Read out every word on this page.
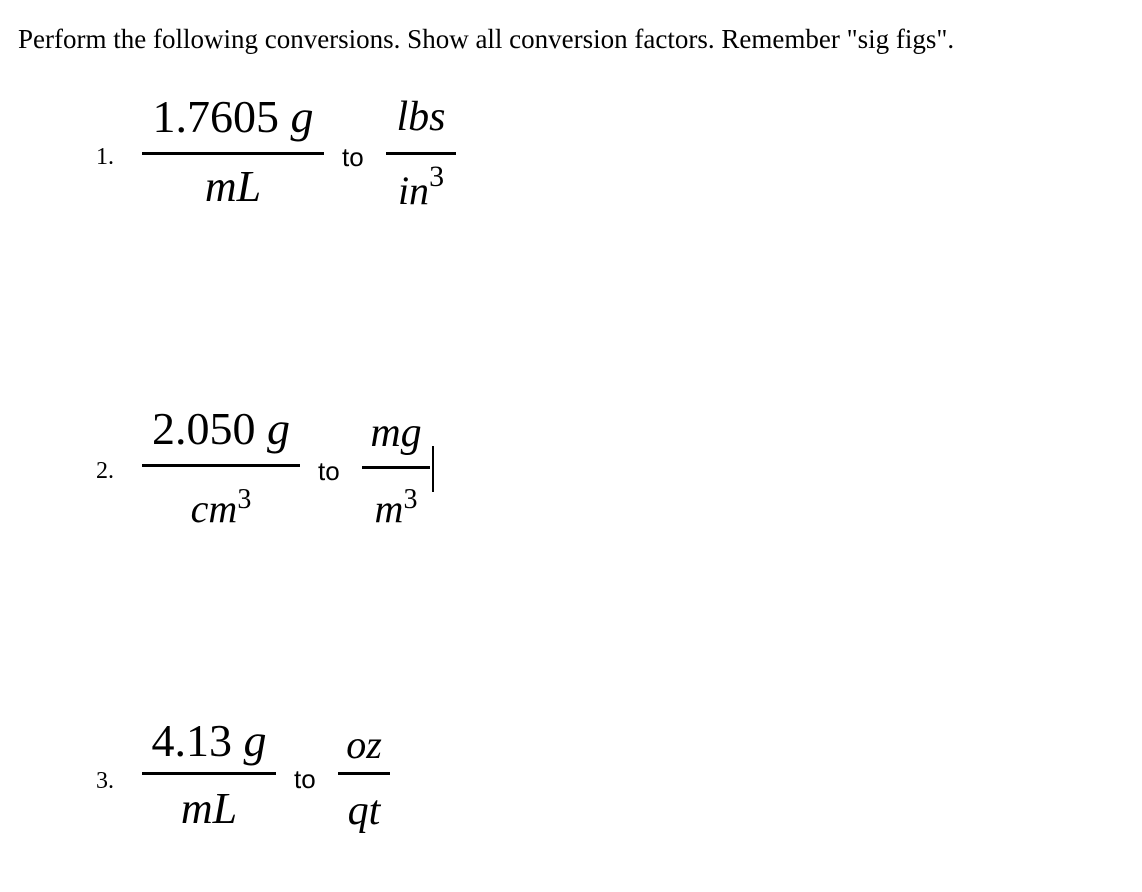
Perform the following conversions. Show all conversion factors. Remember "sig figs".
1.
1.7605 g
mL
to
lbs
$in^3$
2.
2.050 g
$cm^3$
to
mg
$m^3$
3.
4.13 g
mL
to
oz
qt
